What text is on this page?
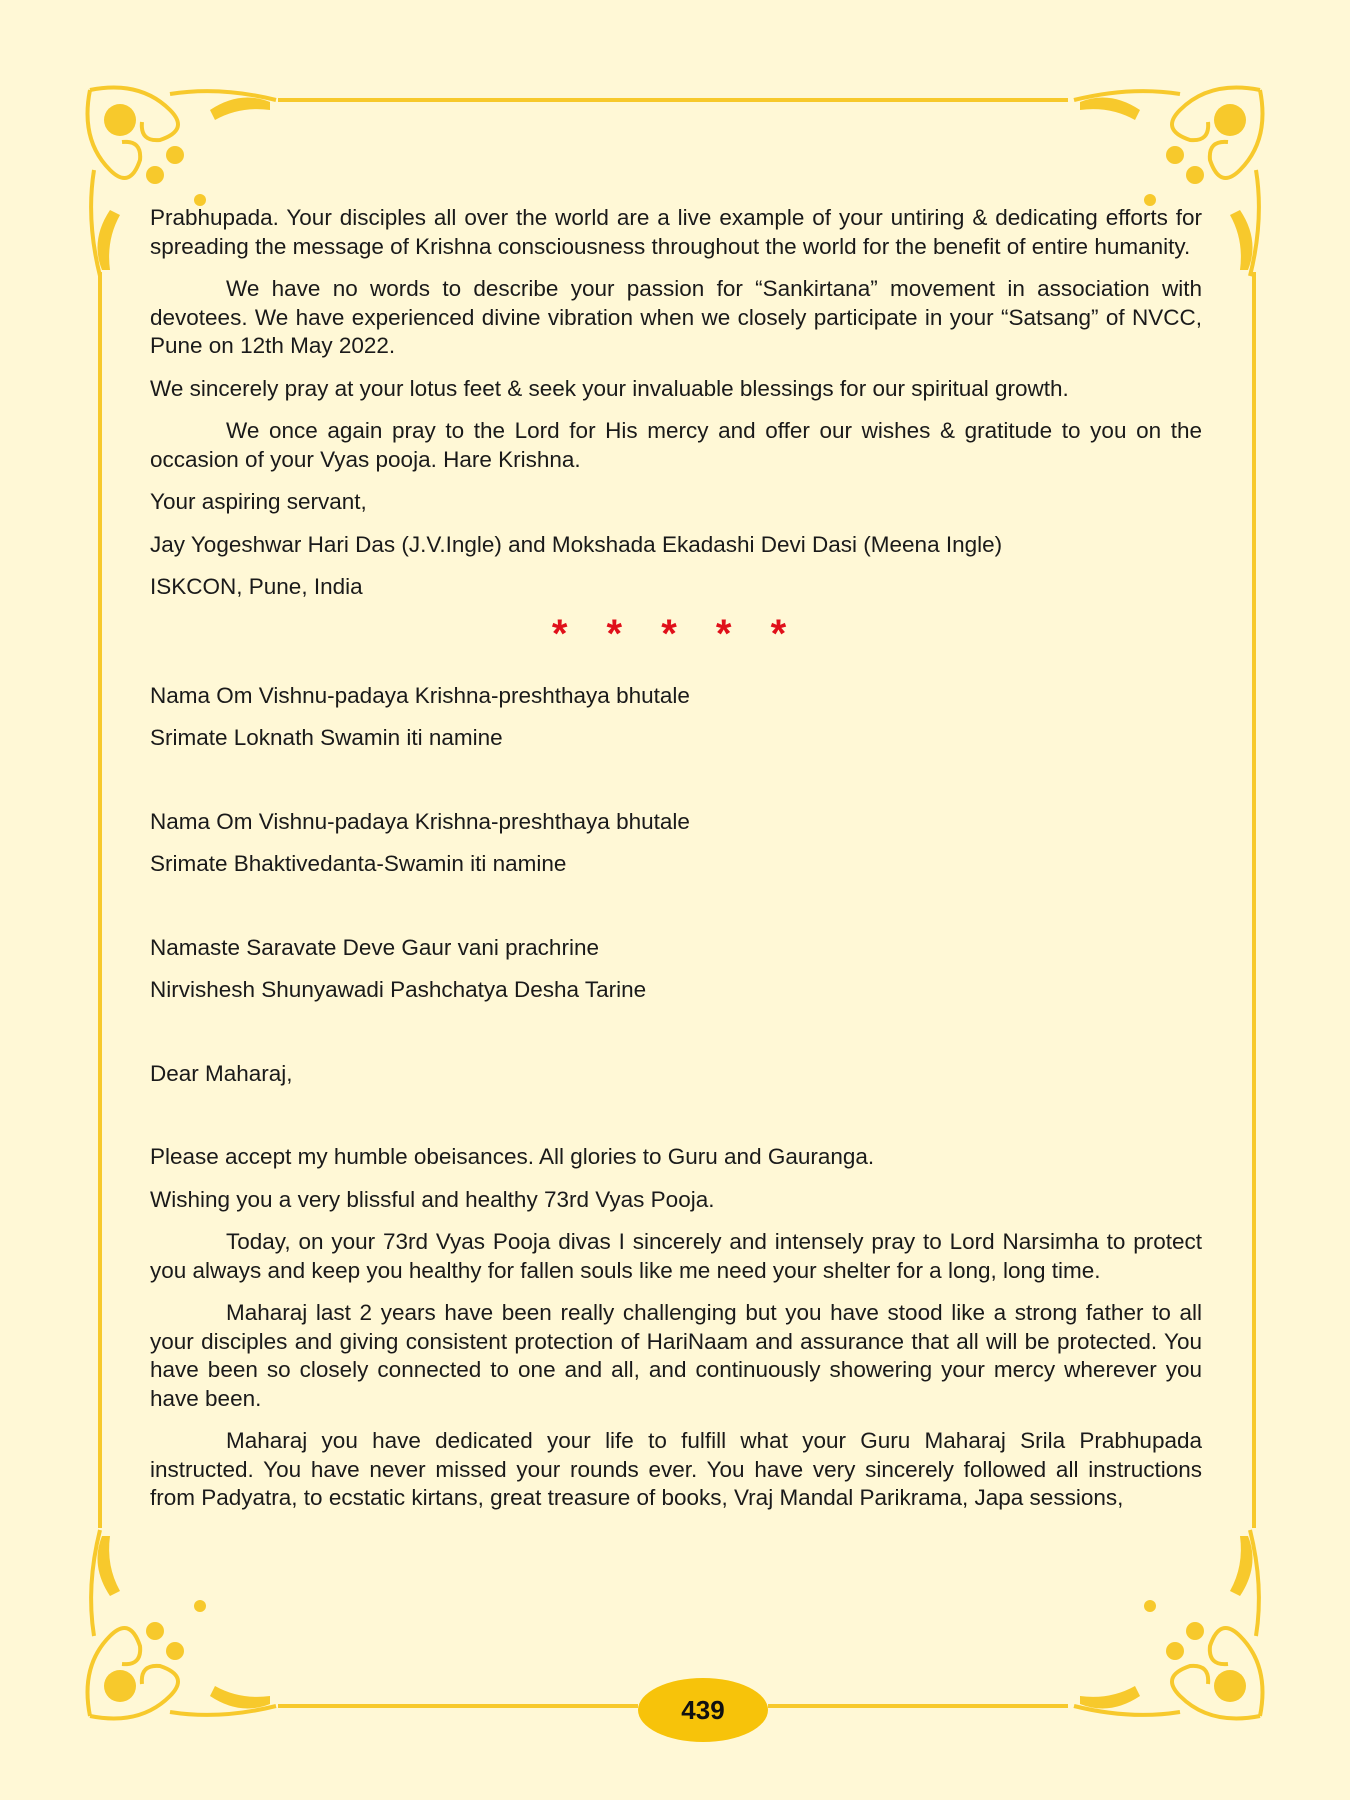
Prabhupada. Your disciples all over the world are a live example of your untiring & dedicating efforts for spreading the message of Krishna consciousness throughout the world for the benefit of entire humanity.

We have no words to describe your passion for “Sankirtana” movement in association with devotees. We have experienced divine vibration when we closely participate in your “Satsang” of NVCC, Pune on 12th May 2022.

We sincerely pray at your lotus feet & seek your invaluable blessings for our spiritual growth.

We once again pray to the Lord for His mercy and offer our wishes & gratitude to you on the occasion of your Vyas pooja. Hare Krishna.

Your aspiring servant,

Jay Yogeshwar Hari Das (J.V.Ingle) and Mokshada Ekadashi Devi Dasi (Meena Ingle)

ISKCON, Pune, India

* * * * *

Nama Om Vishnu-padaya Krishna-preshthaya bhutale

Srimate Loknath Swamin iti namine

Nama Om Vishnu-padaya Krishna-preshthaya bhutale

Srimate Bhaktivedanta-Swamin iti namine

Namaste Saravate Deve Gaur vani prachrine

Nirvishesh Shunyawadi Pashchatya Desha Tarine

Dear Maharaj,

Please accept my humble obeisances. All glories to Guru and Gauranga.

Wishing you a very blissful and healthy 73rd Vyas Pooja.

Today, on your 73rd Vyas Pooja divas I sincerely and intensely pray to Lord Narsimha to protect you always and keep you healthy for fallen souls like me need your shelter for a long, long time.

Maharaj last 2 years have been really challenging but you have stood like a strong father to all your disciples and giving consistent protection of HariNaam and assurance that all will be protected. You have been so closely connected to one and all, and continuously showering your mercy wherever you have been.

Maharaj you have dedicated your life to fulfill what your Guru Maharaj Srila Prabhupada instructed. You have never missed your rounds ever. You have very sincerely followed all instructions from Padyatra, to ecstatic kirtans, great treasure of books, Vraj Mandal Parikrama, Japa sessions,

439
